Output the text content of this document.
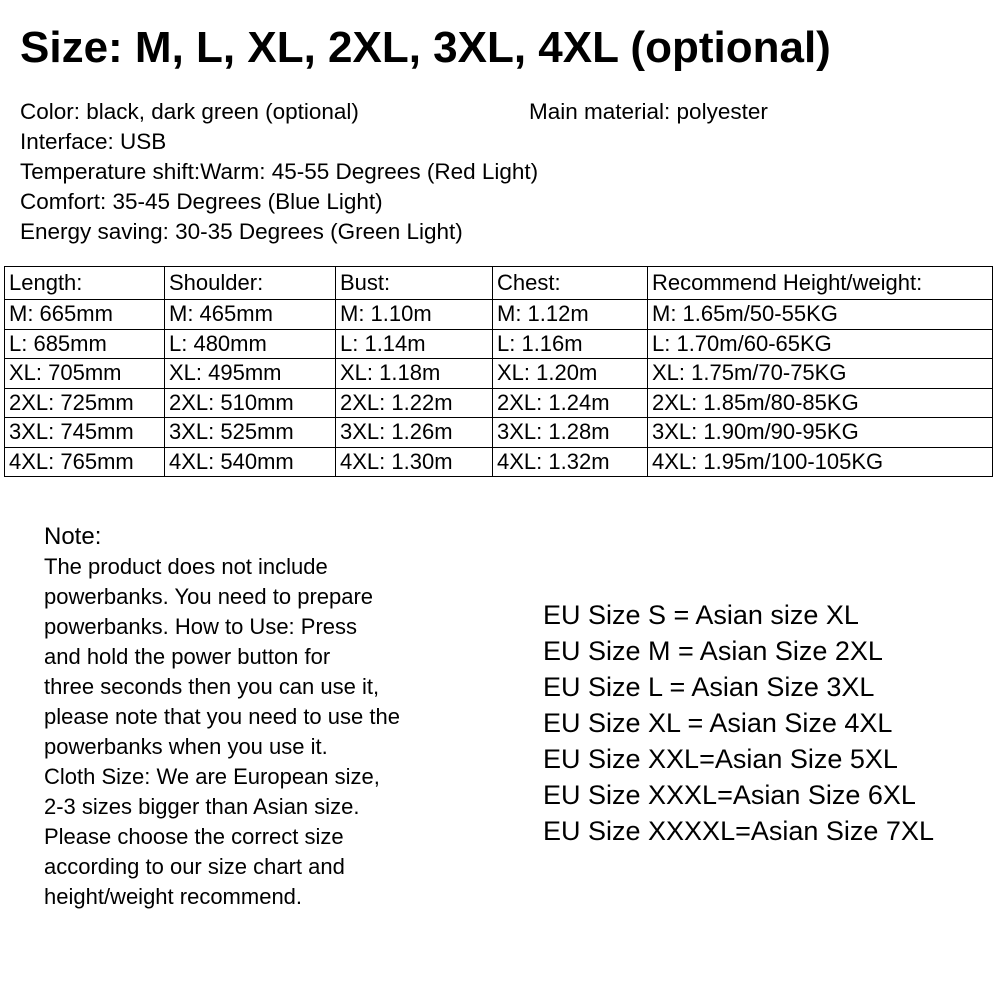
Size: M, L, XL, 2XL, 3XL, 4XL (optional)
Main material: polyester
Color: black, dark green (optional)
Interface: USB
Temperature shift:Warm: 45-55 Degrees (Red Light)
Comfort: 35-45 Degrees (Blue Light)
Energy saving: 30-35 Degrees (Green Light)
Length:	Shoulder:	Bust:	Chest:	Recommend Height/weight:
M: 665mm	M: 465mm	M: 1.10m	M: 1.12m	M: 1.65m/50-55KG
L: 685mm	L: 480mm	L: 1.14m	L: 1.16m	L: 1.70m/60-65KG
XL: 705mm	XL: 495mm	XL: 1.18m	XL: 1.20m	XL: 1.75m/70-75KG
2XL: 725mm	2XL: 510mm	2XL: 1.22m	2XL: 1.24m	2XL: 1.85m/80-85KG
3XL: 745mm	3XL: 525mm	3XL: 1.26m	3XL: 1.28m	3XL: 1.90m/90-95KG
4XL: 765mm	4XL: 540mm	4XL: 1.30m	4XL: 1.32m	4XL: 1.95m/100-105KG
Note:
The product does not include
powerbanks. You need to prepare
powerbanks. How to Use: Press
and hold the power button for
three seconds then you can use it,
please note that you need to use the
powerbanks when you use it.
Cloth Size: We are European size,
2-3 sizes bigger than Asian size.
Please choose the correct size
according to our size chart and
height/weight recommend.
EU Size S = Asian size XL
EU Size M = Asian Size 2XL
EU Size L = Asian Size 3XL
EU Size XL = Asian Size 4XL
EU Size XXL=Asian Size 5XL
EU Size XXXL=Asian Size 6XL
EU Size XXXXL=Asian Size 7XL
